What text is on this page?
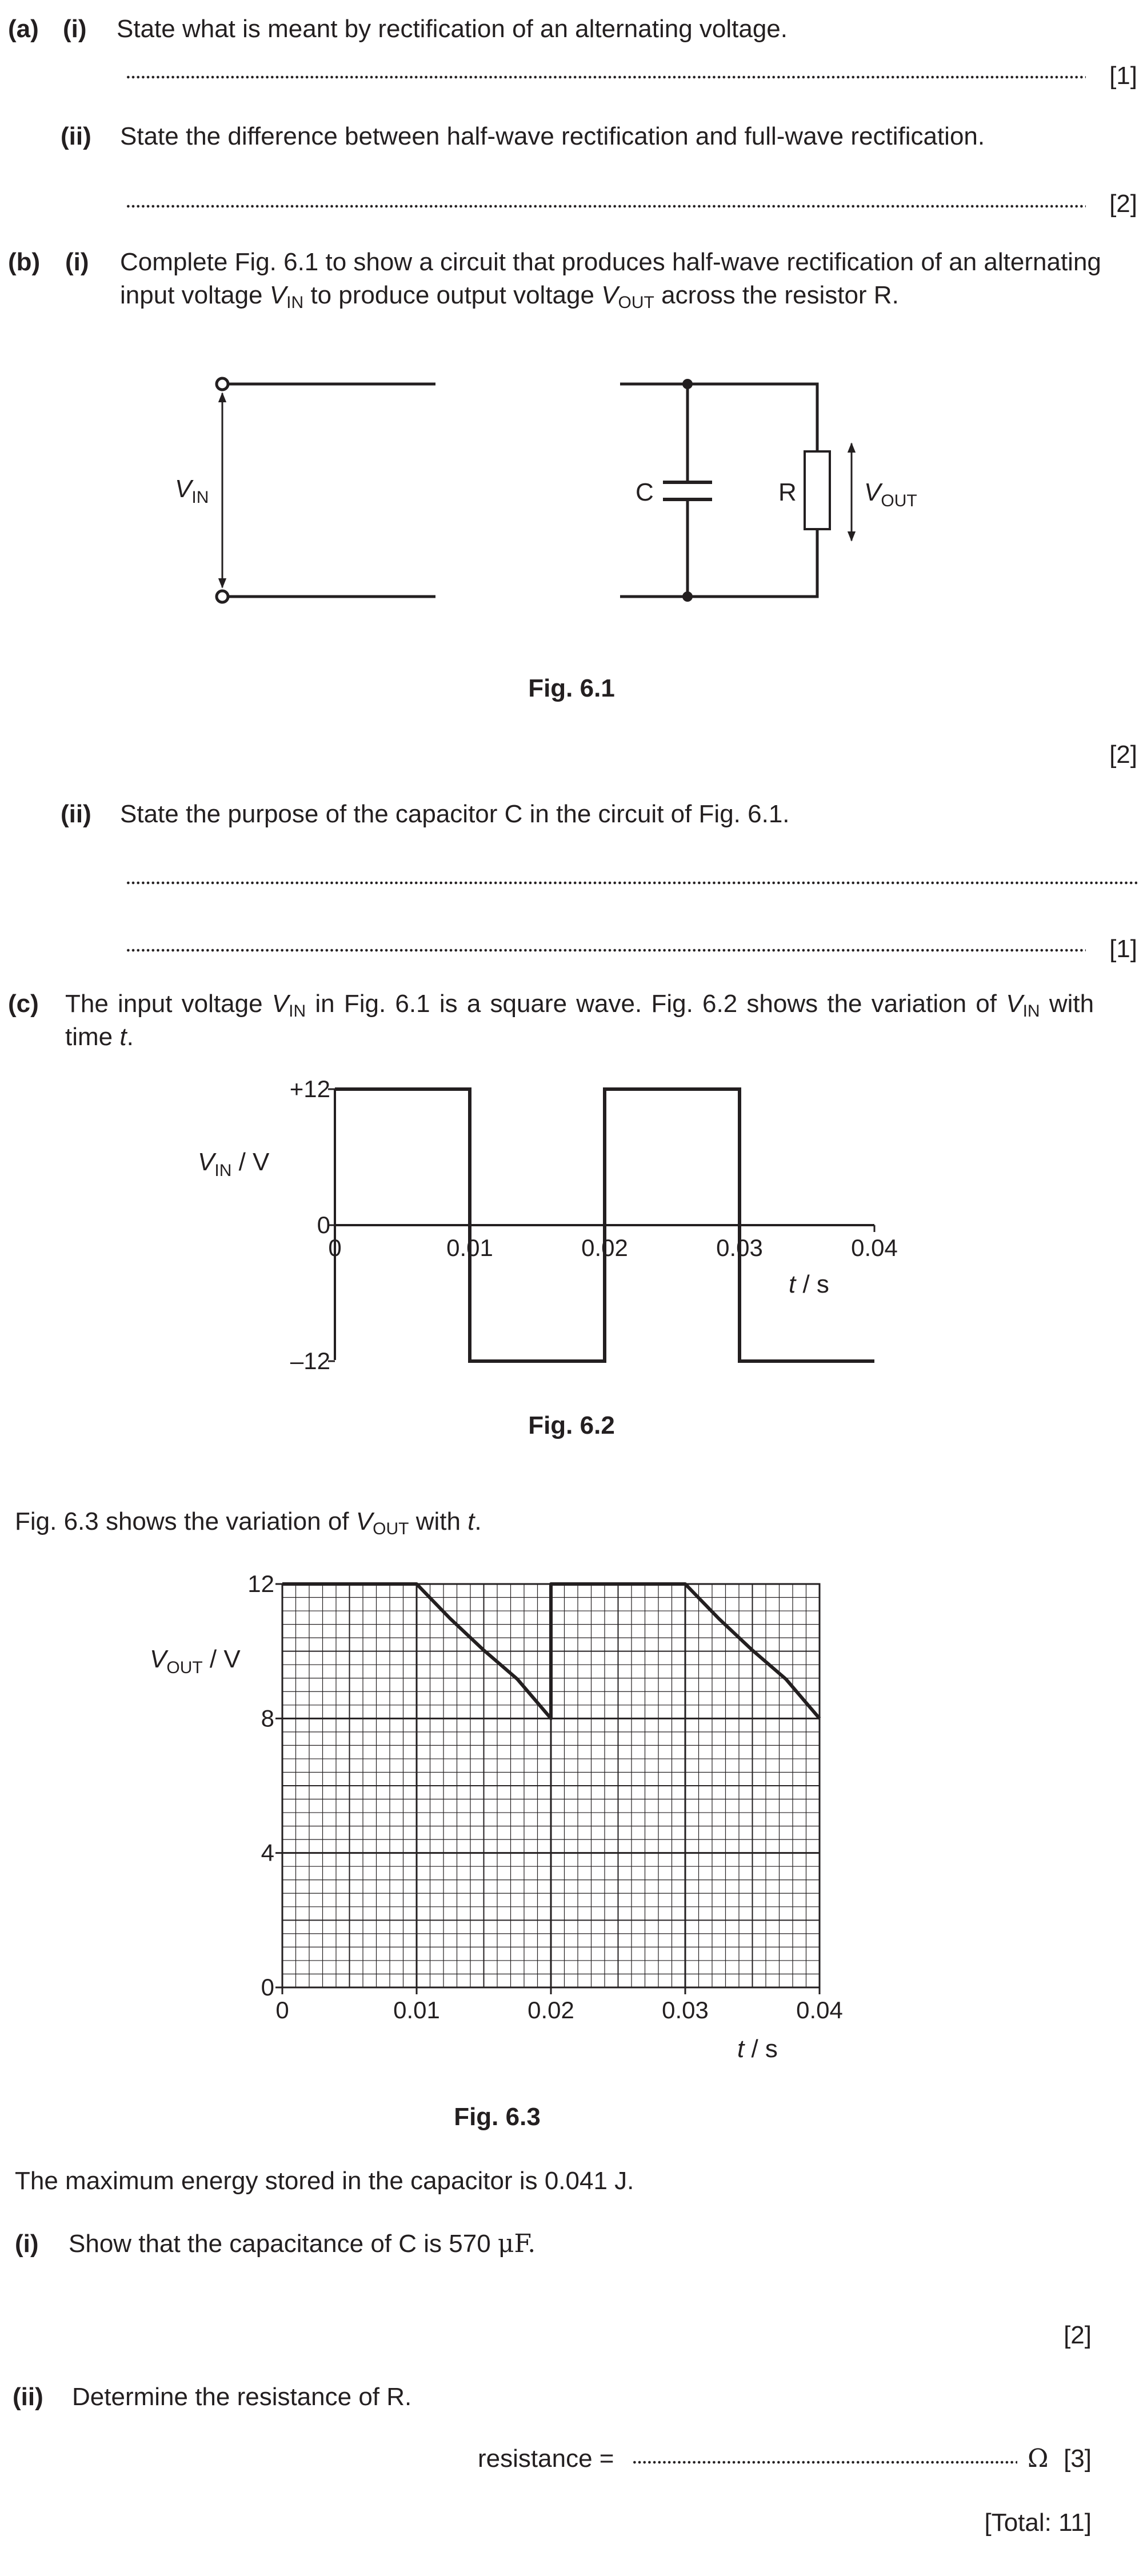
(a) (i) State what is meant by rectification of an alternating voltage.
[1]
(ii) State the difference between half-wave rectification and full-wave rectification.
[2]
(b) (i) Complete Fig. 6.1 to show a circuit that produces half-wave rectification of an alternating
input voltage $V_{IN}$ to produce output voltage $V_{OUT}$ across the resistor R.
$V_{IN}$	C	R	$V_{OUT}$
Fig. 6.1
[2]
(ii) State the purpose of the capacitor C in the circuit of Fig. 6.1.
[1]
(c) The input voltage $V_{IN}$ in Fig. 6.1 is a square wave. Fig. 6.2 shows the variation of $V_{IN}$ with
time t.
0	0.01	0.02	0.03	0.04
+12
0
–12
$V_{IN}$ / V
t / s
Fig. 6.2
Fig. 6.3 shows the variation of $V_{OUT}$ with t.
0	0.01	0.02	0.03	0.04
0
4
8
12
$V_{OUT}$ / V
t / s
Fig. 6.3
The maximum energy stored in the capacitor is 0.041 J.
(i) Show that the capacitance of C is 570 μF.
[2]
(ii) Determine the resistance of R.
resistance =	Ω [3]
[Total: 11]
